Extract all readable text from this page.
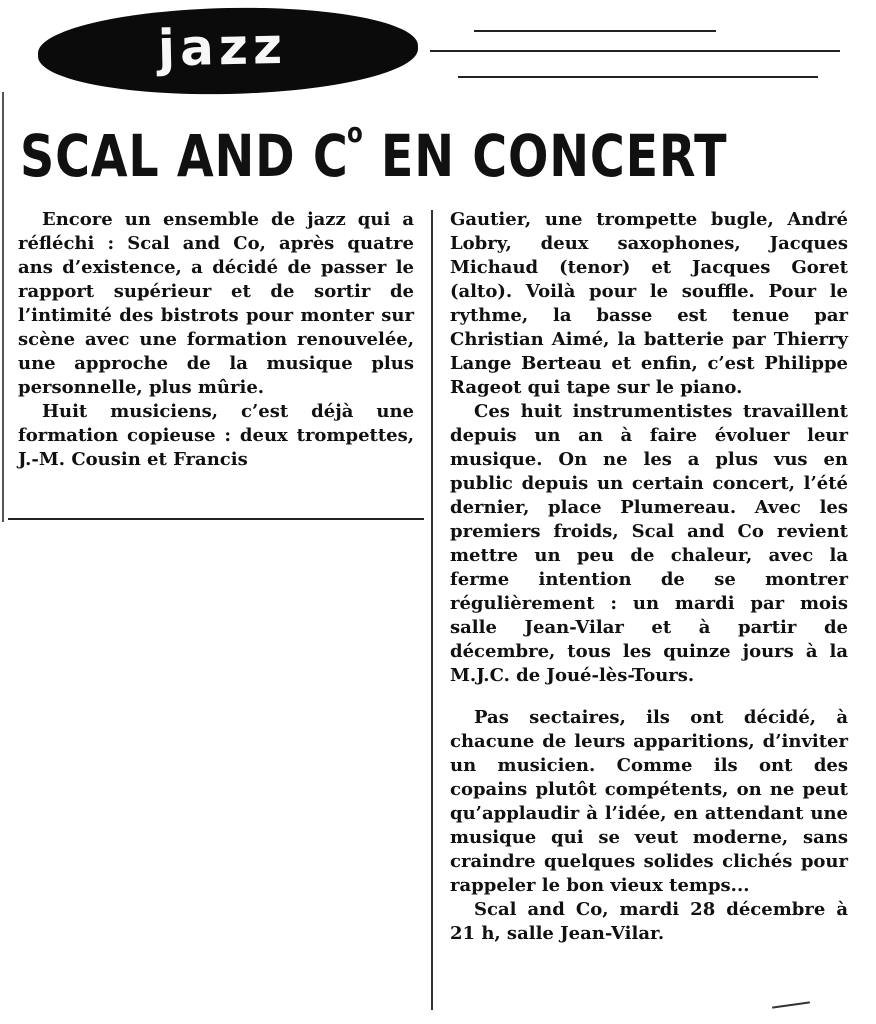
jazz
SCAL AND Co EN CONCERT

Encore un ensemble de jazz qui a réfléchi : Scal and Co, après quatre ans d’existence, a décidé de passer le rapport supérieur et de sortir de l’intimité des bistrots pour monter sur scène avec une formation renouvelée, une approche de la musique plus personnelle, plus mûrie.

Huit musiciens, c’est déjà une formation copieuse : deux trompettes, J.-M. Cousin et Francis

Gautier, une trompette bugle, André Lobry, deux saxophones, Jacques Michaud (tenor) et Jacques Goret (alto). Voilà pour le souffle. Pour le rythme, la basse est tenue par Christian Aimé, la batterie par Thierry Lange Berteau et enfin, c’est Philippe Rageot qui tape sur le piano.

Ces huit instrumentistes travaillent depuis un an à faire évoluer leur musique. On ne les a plus vus en public depuis un certain concert, l’été dernier, place Plumereau. Avec les premiers froids, Scal and Co revient mettre un peu de chaleur, avec la ferme intention de se montrer régulièrement : un mardi par mois salle Jean-Vilar et à partir de décembre, tous les quinze jours à la M.J.C. de Joué-lès-Tours.

Pas sectaires, ils ont décidé, à chacune de leurs apparitions, d’inviter un musicien. Comme ils ont des copains plutôt compétents, on ne peut qu’applaudir à l’idée, en attendant une musique qui se veut moderne, sans craindre quelques solides clichés pour rappeler le bon vieux temps...

Scal and Co, mardi 28 décembre à 21 h, salle Jean-Vilar.
